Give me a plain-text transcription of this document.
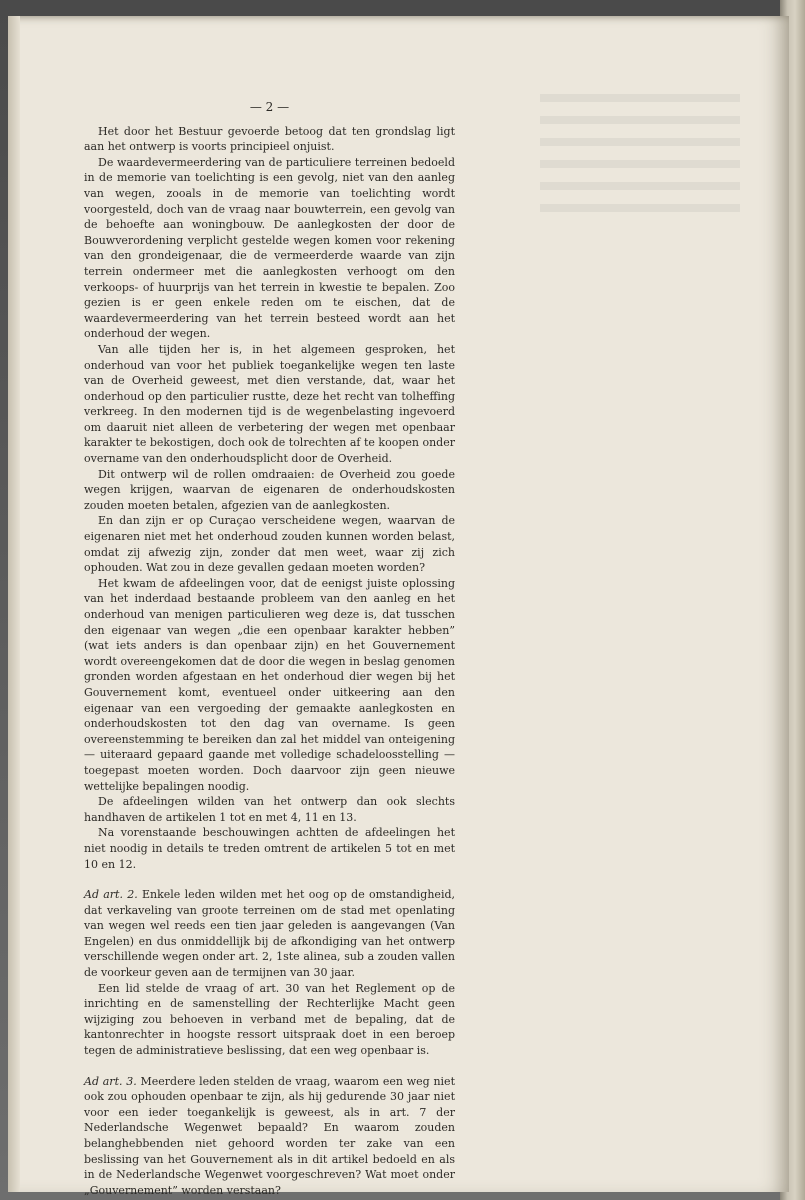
— 2 —

Het door het Bestuur gevoerde betoog dat ten grondslag ligt aan het ontwerp is voorts principieel onjuist.

De waardevermeerdering van de particuliere terreinen bedoeld in de memorie van toelichting is een gevolg, niet van den aanleg van wegen, zooals in de memorie van toelichting wordt voorgesteld, doch van de vraag naar bouwterrein, een gevolg van de behoefte aan woningbouw. De aanlegkosten der door de Bouwverordening verplicht gestelde wegen komen voor rekening van den grondeigenaar, die de vermeerderde waarde van zijn terrein ondermeer met die aanlegkosten verhoogt om den verkoops- of huurprijs van het terrein in kwestie te bepalen. Zoo gezien is er geen enkele reden om te eischen, dat de waardevermeerdering van het terrein besteed wordt aan het onderhoud der wegen.

Van alle tijden her is, in het algemeen gesproken, het onderhoud van voor het publiek toegankelijke wegen ten laste van de Overheid geweest, met dien verstande, dat, waar het onderhoud op den particulier rustte, deze het recht van tolheffing verkreeg. In den modernen tijd is de wegenbelasting ingevoerd om daaruit niet alleen de verbetering der wegen met openbaar karakter te bekostigen, doch ook de tolrechten af te koopen onder overname van den onderhoudsplicht door de Overheid.

Dit ontwerp wil de rollen omdraaien: de Overheid zou goede wegen krijgen, waarvan de eigenaren de onderhoudskosten zouden moeten betalen, afgezien van de aanlegkosten.

En dan zijn er op Curaçao verscheidene wegen, waarvan de eigenaren niet met het onderhoud zouden kunnen worden belast, omdat zij afwezig zijn, zonder dat men weet, waar zij zich ophouden. Wat zou in deze gevallen gedaan moeten worden?

Het kwam de afdeelingen voor, dat de eenigst juiste oplossing van het inderdaad bestaande probleem van den aanleg en het onderhoud van menigen particulieren weg deze is, dat tusschen den eigenaar van wegen „die een openbaar karakter hebben” (wat iets anders is dan openbaar zijn) en het Gouvernement wordt overeengekomen dat de door die wegen in beslag genomen gronden worden afgestaan en het onderhoud dier wegen bij het Gouvernement komt, eventueel onder uitkeering aan den eigenaar van een vergoeding der gemaakte aanlegkosten en onderhoudskosten tot den dag van overname. Is geen overeenstemming te bereiken dan zal het middel van onteigening — uiteraard gepaard gaande met volledige schadeloosstelling — toegepast moeten worden. Doch daarvoor zijn geen nieuwe wettelijke bepalingen noodig.

De afdeelingen wilden van het ontwerp dan ook slechts handhaven de artikelen 1 tot en met 4, 11 en 13.

Na vorenstaande beschouwingen achtten de afdeelingen het niet noodig in details te treden omtrent de artikelen 5 tot en met 10 en 12.

Ad art. 2. Enkele leden wilden met het oog op de omstandigheid, dat verkaveling van groote terreinen om de stad met openlating van wegen wel reeds een tien jaar geleden is aangevangen (Van Engelen) en dus onmiddellijk bij de afkondiging van het ontwerp verschillende wegen onder art. 2, 1ste alinea, sub a zouden vallen de voorkeur geven aan de termijnen van 30 jaar.

Een lid stelde de vraag of art. 30 van het Reglement op de inrichting en de samenstelling der Rechterlijke Macht geen wijziging zou behoeven in verband met de bepaling, dat de kantonrechter in hoogste ressort uitspraak doet in een beroep tegen de administratieve beslissing, dat een weg openbaar is.

Ad art. 3. Meerdere leden stelden de vraag, waarom een weg niet ook zou ophouden openbaar te zijn, als hij gedurende 30 jaar niet voor een ieder toegankelijk is geweest, als in art. 7 der Nederlandsche Wegenwet bepaald? En waarom zouden belanghebbenden niet gehoord worden ter zake van een beslissing van het Gouvernement als in dit artikel bedoeld en als in de Nederlandsche Wegenwet voorgeschreven? Wat moet onder „Gouvernement” worden verstaan?
